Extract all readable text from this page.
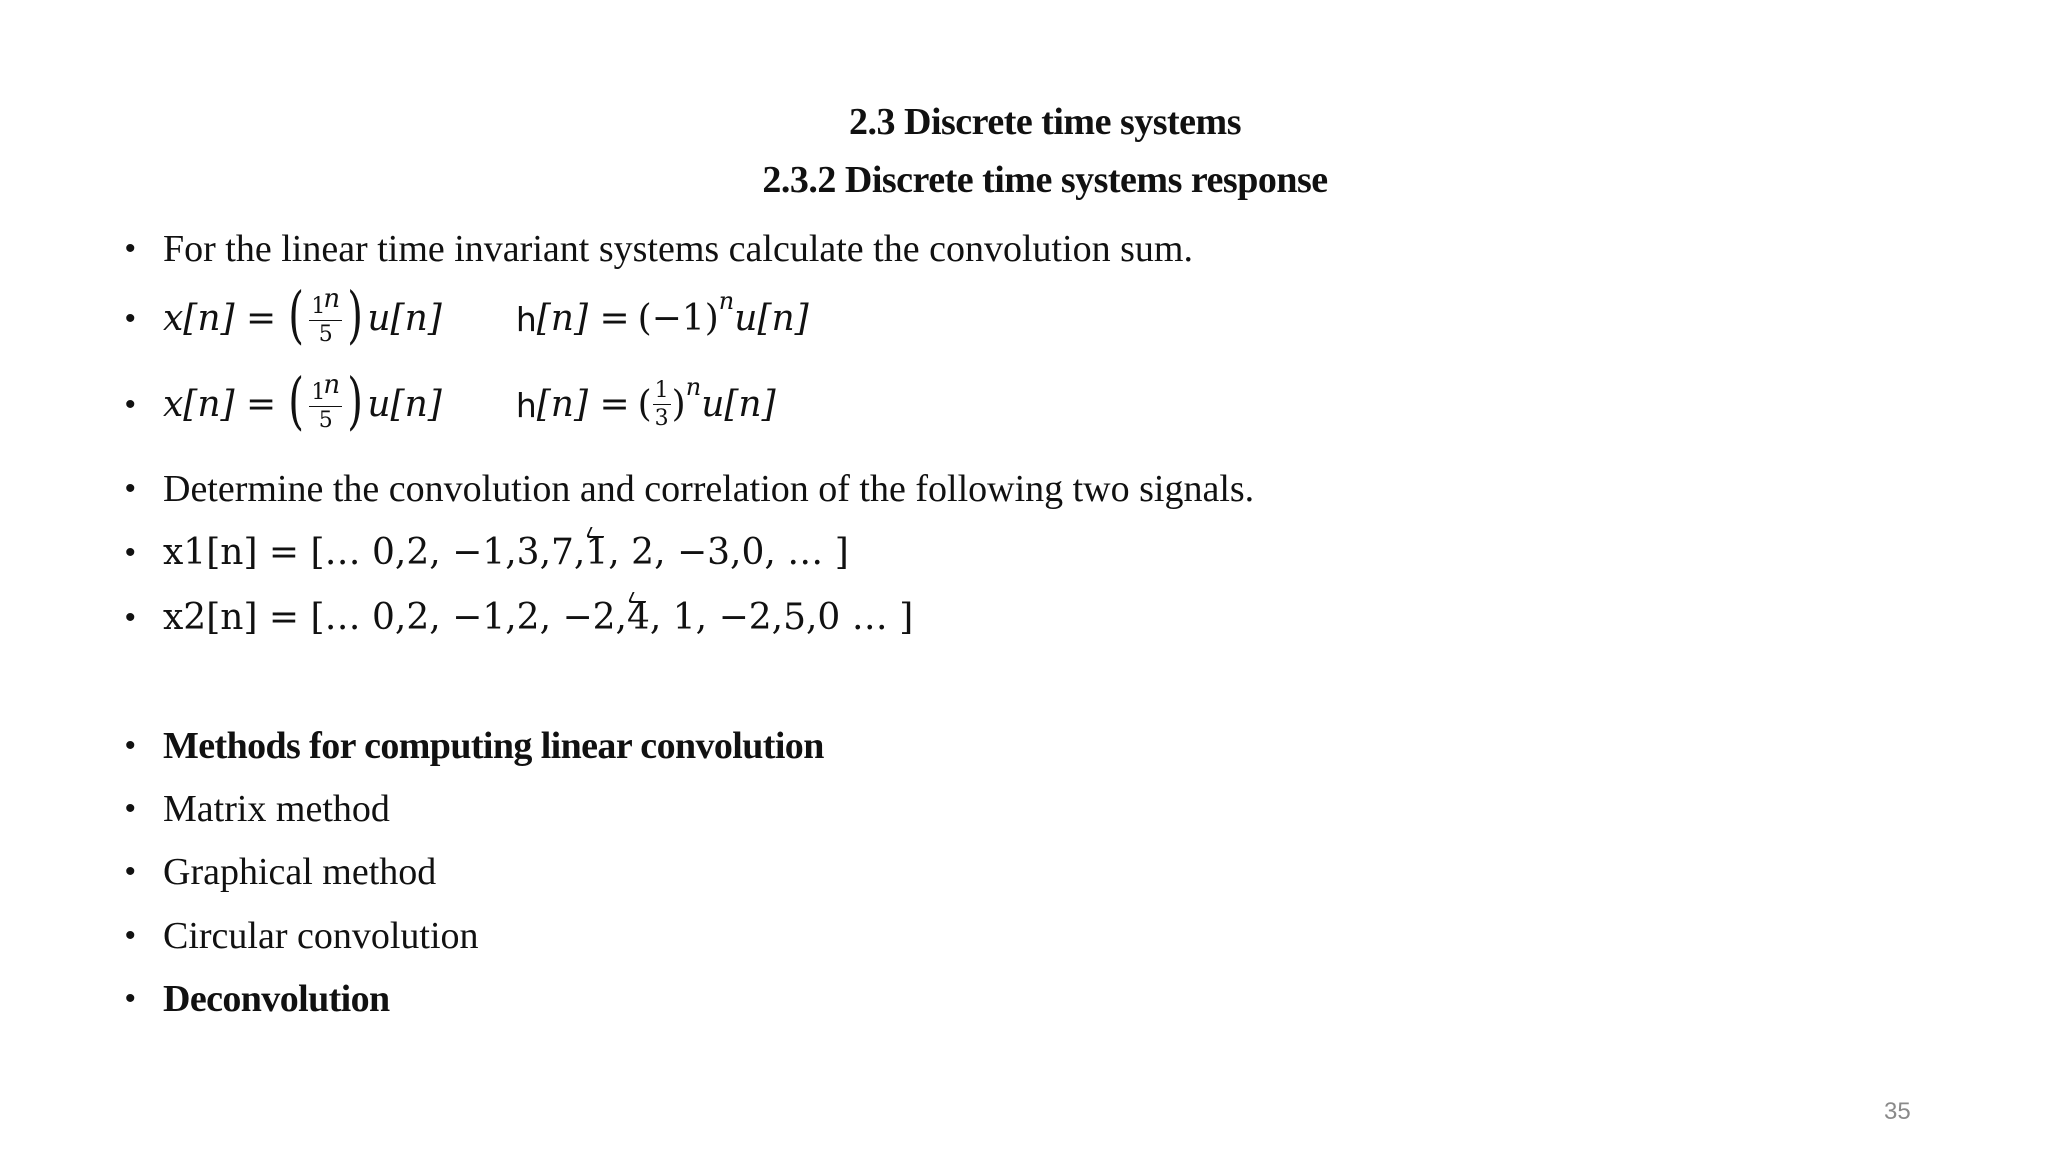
2.3 Discrete time systems
2.3.2 Discrete time systems response
• For the linear time invariant systems calculate the convolution sum.
• x[n] = ( $\frac{1n}{5}$ ) u[n] h [n] = (−1) n u[n]
• x[n] = ( $\frac{1n}{5}$ ) u[n] h [n] = ( $\frac{1}{3}$ ) n u[n]
• Determine the convolution and correlation of the following two signals.
• x1[n] = [… 0,2, −1,3,7, 1 , 2, −3,0, … ]
• x2[n] = [… 0,2, −1,2, −2, 4 , 1, −2,5,0 … ]
• Methods for computing linear convolution
• Matrix method
• Graphical method
• Circular convolution
• Deconvolution
35
